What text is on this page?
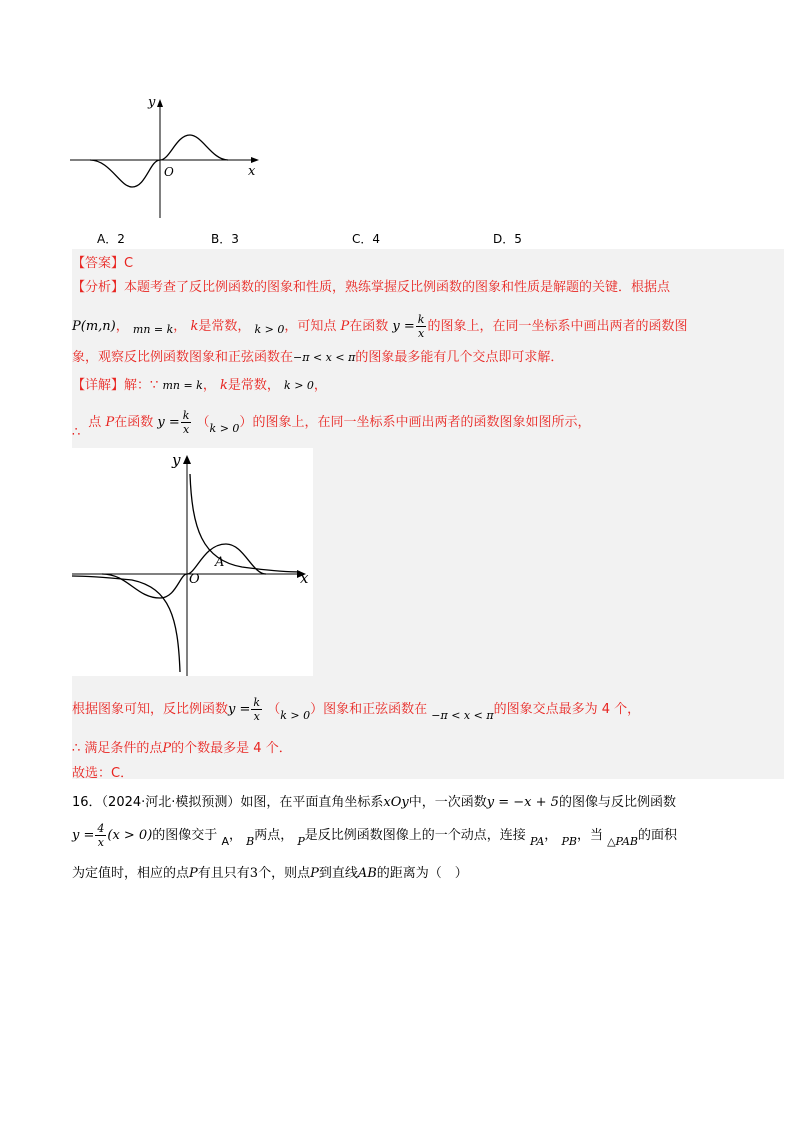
y
x
O
A．2	B．3	C．4	D．5
【答案】C
【分析】本题考查了反比例函数的图象和性质，熟练掌握反比例函数的图象和性质是解题的关键．根据点
P(m,n)， $_{mn = k}$， k是常数， $_{k > 0}$，可知点 P在函数 $y = \frac{k}{x}$ 的图象上，在同一坐标系中画出两者的函数图
象，观察反比例函数图象和正弦函数在−π < x < π的图象最多能有几个交点即可求解．
【详解】解：∵ mn = k， k是常数， k > 0，
∴点 P在函数 $y = \frac{k}{x} (_{k > 0})$的图象上，在同一坐标系中画出两者的函数图象如图所示，
y
x
O
A
根据图象可知，反比例函数$y = \frac{k}{x} (_{k > 0})$图象和正弦函数在 $_{-\pi < x < \pi}$的图象交点最多为 4 个，
∴ 满足条件的点P的个数最多是 4 个．
故选：C．
16．（2024·河北·模拟预测）如图，在平面直角坐标系xOy中，一次函数y = −x + 5的图像与反比例函数
$y = \frac{4}{x} (x > 0)$的图像交于 $_A$， $_B$两点， $_P$是反比例函数图像上的一个动点，连接 $_{PA}$， $_{PB}$，当 $_{\triangle PAB}$的面积
为定值时，相应的点P有且只有3个，则点P到直线AB的距离为（　）
